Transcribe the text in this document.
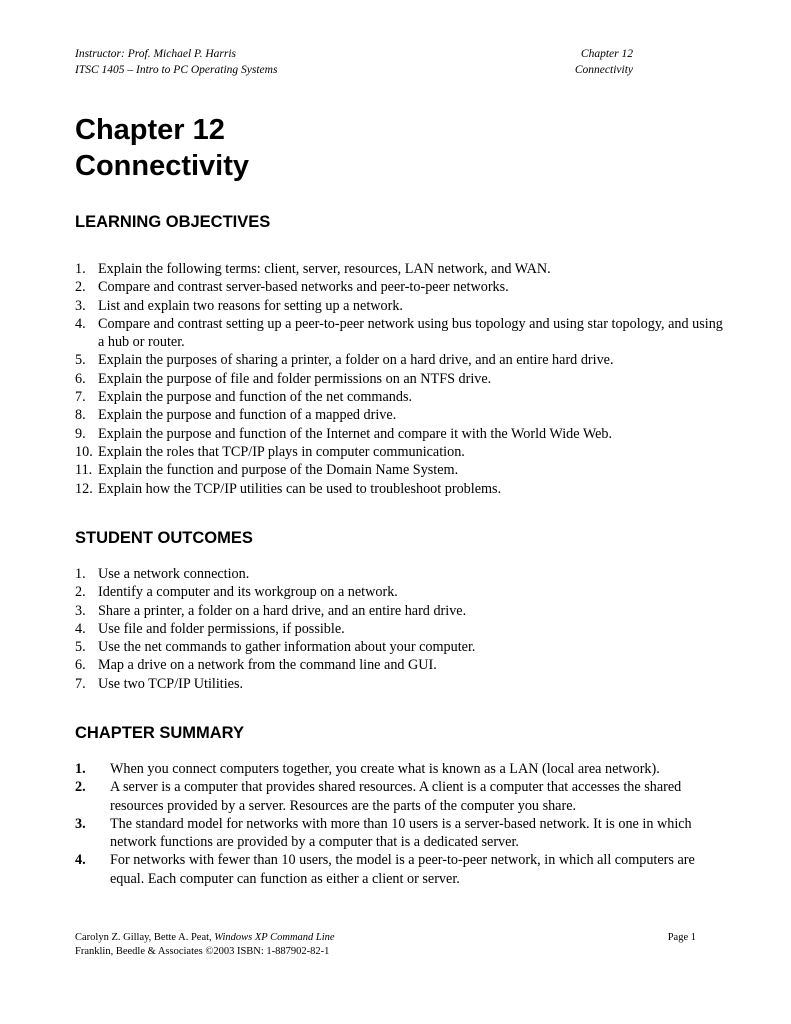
Instructor: Prof. Michael P. Harris
ITSC 1405 – Intro to PC Operating Systems
Chapter 12
Connectivity
Chapter 12
Connectivity
LEARNING OBJECTIVES
1. Explain the following terms: client, server, resources, LAN network, and WAN.
2. Compare and contrast server-based networks and peer-to-peer networks.
3. List and explain two reasons for setting up a network.
4. Compare and contrast setting up a peer-to-peer network using bus topology and using star topology, and using a hub or router.
5. Explain the purposes of sharing a printer, a folder on a hard drive, and an entire hard drive.
6. Explain the purpose of file and folder permissions on an NTFS drive.
7. Explain the purpose and function of the net commands.
8. Explain the purpose and function of a mapped drive.
9. Explain the purpose and function of the Internet and compare it with the World Wide Web.
10. Explain the roles that TCP/IP plays in computer communication.
11. Explain the function and purpose of the Domain Name System.
12. Explain how the TCP/IP utilities can be used to troubleshoot problems.
STUDENT OUTCOMES
1. Use a network connection.
2. Identify a computer and its workgroup on a network.
3. Share a printer, a folder on a hard drive, and an entire hard drive.
4. Use file and folder permissions, if possible.
5. Use the net commands to gather information about your computer.
6. Map a drive on a network from the command line and GUI.
7. Use two TCP/IP Utilities.
CHAPTER SUMMARY
1. When you connect computers together, you create what is known as a LAN (local area network).
2. A server is a computer that provides shared resources. A client is a computer that accesses the shared resources provided by a server. Resources are the parts of the computer you share.
3. The standard model for networks with more than 10 users is a server-based network. It is one in which network functions are provided by a computer that is a dedicated server.
4. For networks with fewer than 10 users, the model is a peer-to-peer network, in which all computers are equal. Each computer can function as either a client or server.
Carolyn Z. Gillay, Bette A. Peat, Windows XP Command Line
Franklin, Beedle & Associates ©2003 ISBN: 1-887902-82-1
Page 1
